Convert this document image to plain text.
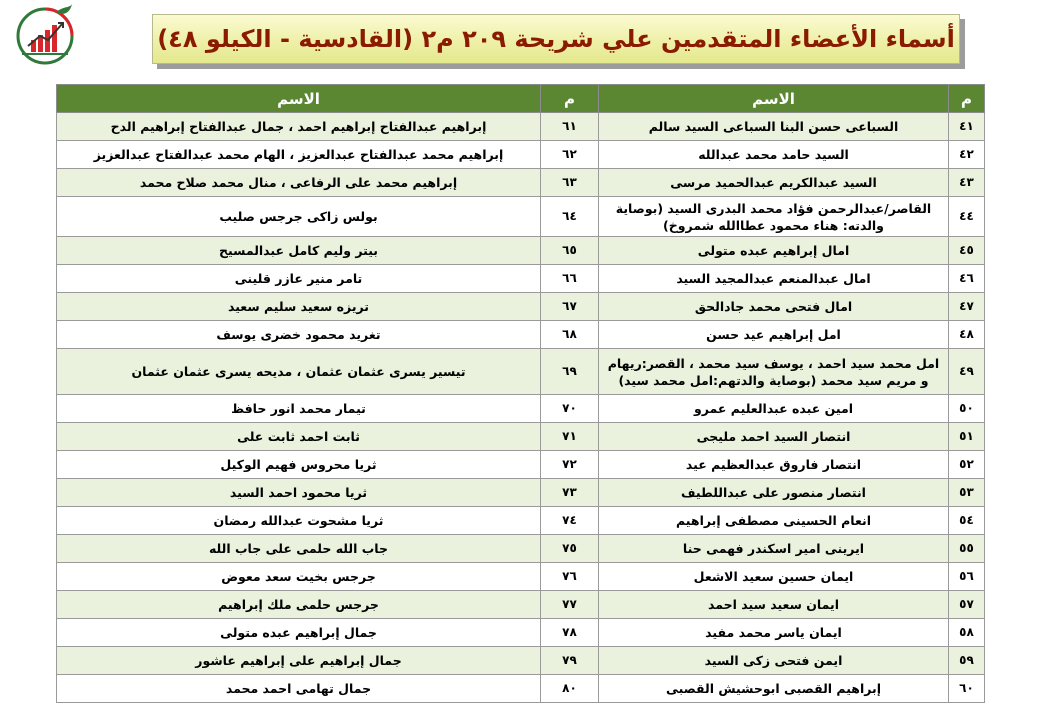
أسماء الأعضاء المتقدمين علي شريحة ٢٠٩ م٢ (القادسية - الكيلو ٤٨)
م	الاسم	م	الاسم
٤١	السباعى حسن البنا السباعى السيد سالم	٦١	إبراهيم عبدالفتاح إبراهيم احمد ، جمال عبدالفتاح إبراهيم الدح
٤٢	السيد حامد محمد عبدالله	٦٢	إبراهيم محمد عبدالفتاح عبدالعزيز ، الهام محمد عبدالفتاح عبدالعزيز
٤٣	السيد عبدالكريم عبدالحميد مرسى	٦٣	إبراهيم محمد على الرفاعى ، منال محمد صلاح محمد
٤٤	القاصر/عبدالرحمن فؤاد محمد البدرى السيد (بوصاية والدته: هناء محمود عطاالله شمروخ)	٦٤	بولس زاكى جرجس صليب
٤٥	امال إبراهيم عبده متولى	٦٥	بيتر وليم كامل عبدالمسيح
٤٦	امال عبدالمنعم عبدالمجيد السيد	٦٦	تامر منير عازر قلينى
٤٧	امال فتحى محمد جادالحق	٦٧	تريزه سعيد سليم سعيد
٤٨	امل إبراهيم عيد حسن	٦٨	تغريد محمود خضرى يوسف
٤٩	امل محمد سيد احمد ، يوسف سيد محمد ، القصر:ريهام و مريم سيد محمد (بوصاية والدتهم:امل محمد سيد)	٦٩	تيسير يسرى عثمان عثمان ، مديحه يسرى عثمان عثمان
٥٠	امين عبده عبدالعليم عمرو	٧٠	تيمار محمد انور حافظ
٥١	انتصار السيد احمد مليجى	٧١	ثابت احمد ثابت على
٥٢	انتصار فاروق عبدالعظيم عيد	٧٢	ثريا محروس فهيم الوكيل
٥٣	انتصار منصور على عبداللطيف	٧٣	ثريا محمود احمد السيد
٥٤	انعام الحسينى مصطفى إبراهيم	٧٤	ثريا مشحوت عبدالله رمضان
٥٥	ايرينى امير اسكندر فهمى حنا	٧٥	جاب الله حلمى على جاب الله
٥٦	ايمان حسين سعيد الاشعل	٧٦	جرجس بخيت سعد معوض
٥٧	ايمان سعيد سيد احمد	٧٧	جرجس حلمى ملك إبراهيم
٥٨	ايمان ياسر محمد مفيد	٧٨	جمال إبراهيم عبده متولى
٥٩	ايمن فتحى زكى السيد	٧٩	جمال إبراهيم على إبراهيم عاشور
٦٠	إبراهيم القصبى ابوحشيش القصبى	٨٠	جمال تهامى احمد محمد
